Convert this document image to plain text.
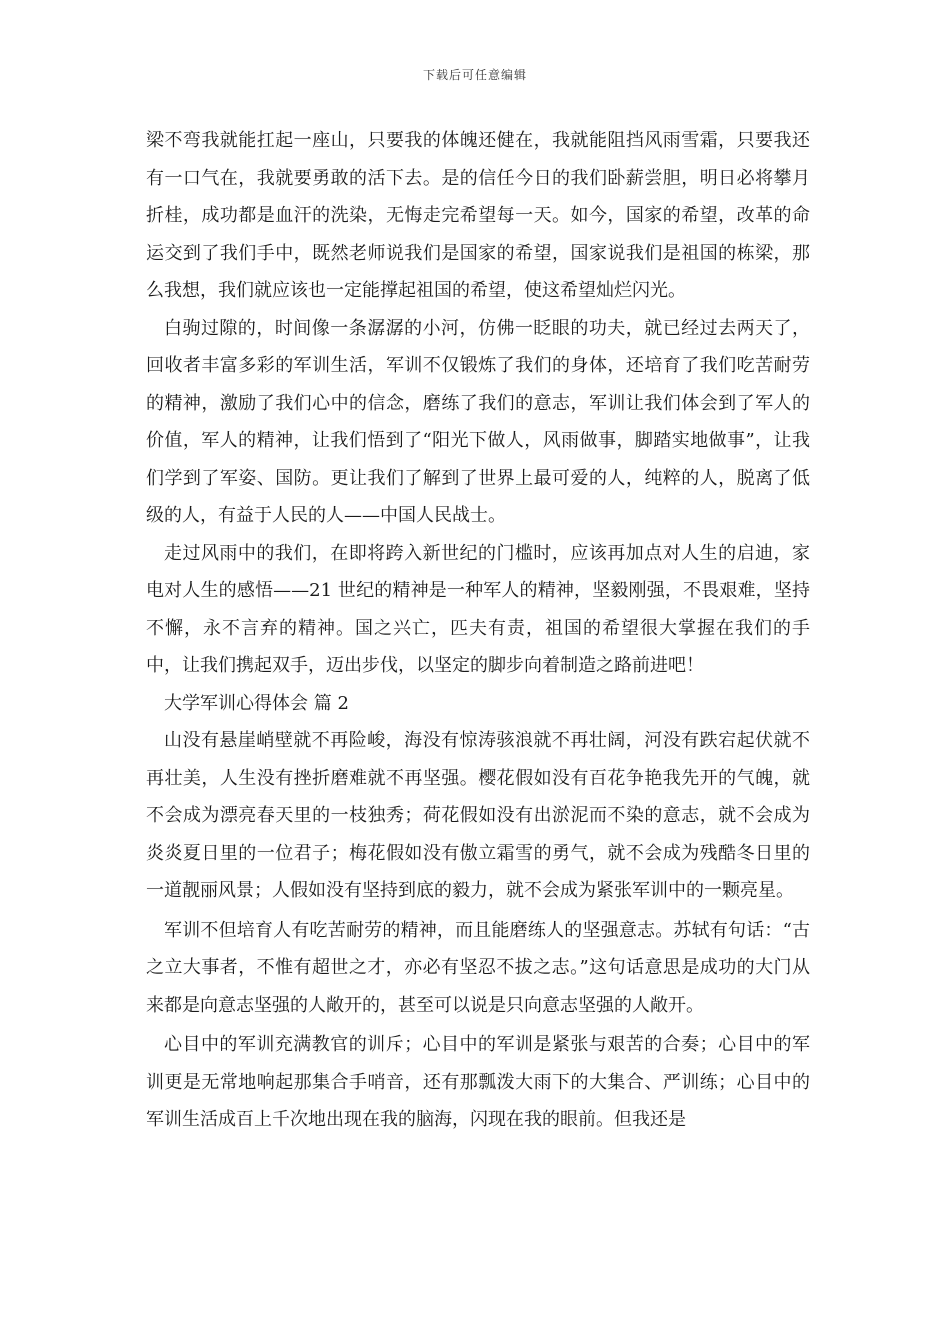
下载后可任意编辑

梁不弯我就能扛起一座山，只要我的体魄还健在，我就能阻挡风雨雪霜，只要我还有一口气在，我就要勇敢的活下去。是的信任今日的我们卧薪尝胆，明日必将攀月折桂，成功都是血汗的洗染，无悔走完希望每一天。如今，国家的希望，改革的命运交到了我们手中，既然老师说我们是国家的希望，国家说我们是祖国的栋梁，那么我想，我们就应该也一定能撑起祖国的希望，使这希望灿烂闪光。

白驹过隙的，时间像一条潺潺的小河，仿佛一眨眼的功夫，就已经过去两天了，回收者丰富多彩的军训生活，军训不仅锻炼了我们的身体，还培育了我们吃苦耐劳的精神，激励了我们心中的信念，磨练了我们的意志，军训让我们体会到了军人的价值，军人的精神，让我们悟到了“阳光下做人，风雨做事，脚踏实地做事”，让我们学到了军姿、国防。更让我们了解到了世界上最可爱的人，纯粹的人，脱离了低级的人，有益于人民的人——中国人民战士。

走过风雨中的我们，在即将跨入新世纪的门槛时，应该再加点对人生的启迪，家电对人生的感悟——21 世纪的精神是一种军人的精神，坚毅刚强，不畏艰难，坚持不懈，永不言弃的精神。国之兴亡，匹夫有责，祖国的希望很大掌握在我们的手中，让我们携起双手，迈出步伐，以坚定的脚步向着制造之路前进吧！

大学军训心得体会 篇 2

山没有悬崖峭壁就不再险峻，海没有惊涛骇浪就不再壮阔，河没有跌宕起伏就不再壮美，人生没有挫折磨难就不再坚强。樱花假如没有百花争艳我先开的气魄，就不会成为漂亮春天里的一枝独秀；荷花假如没有出淤泥而不染的意志，就不会成为炎炎夏日里的一位君子；梅花假如没有傲立霜雪的勇气，就不会成为残酷冬日里的一道靓丽风景；人假如没有坚持到底的毅力，就不会成为紧张军训中的一颗亮星。

军训不但培育人有吃苦耐劳的精神，而且能磨练人的坚强意志。苏轼有句话：“古之立大事者，不惟有超世之才，亦必有坚忍不拔之志。”这句话意思是成功的大门从来都是向意志坚强的人敞开的，甚至可以说是只向意志坚强的人敞开。

心目中的军训充满教官的训斥；心目中的军训是紧张与艰苦的合奏；心目中的军训更是无常地响起那集合手哨音，还有那瓢泼大雨下的大集合、严训练；心目中的军训生活成百上千次地出现在我的脑海，闪现在我的眼前。但我还是
